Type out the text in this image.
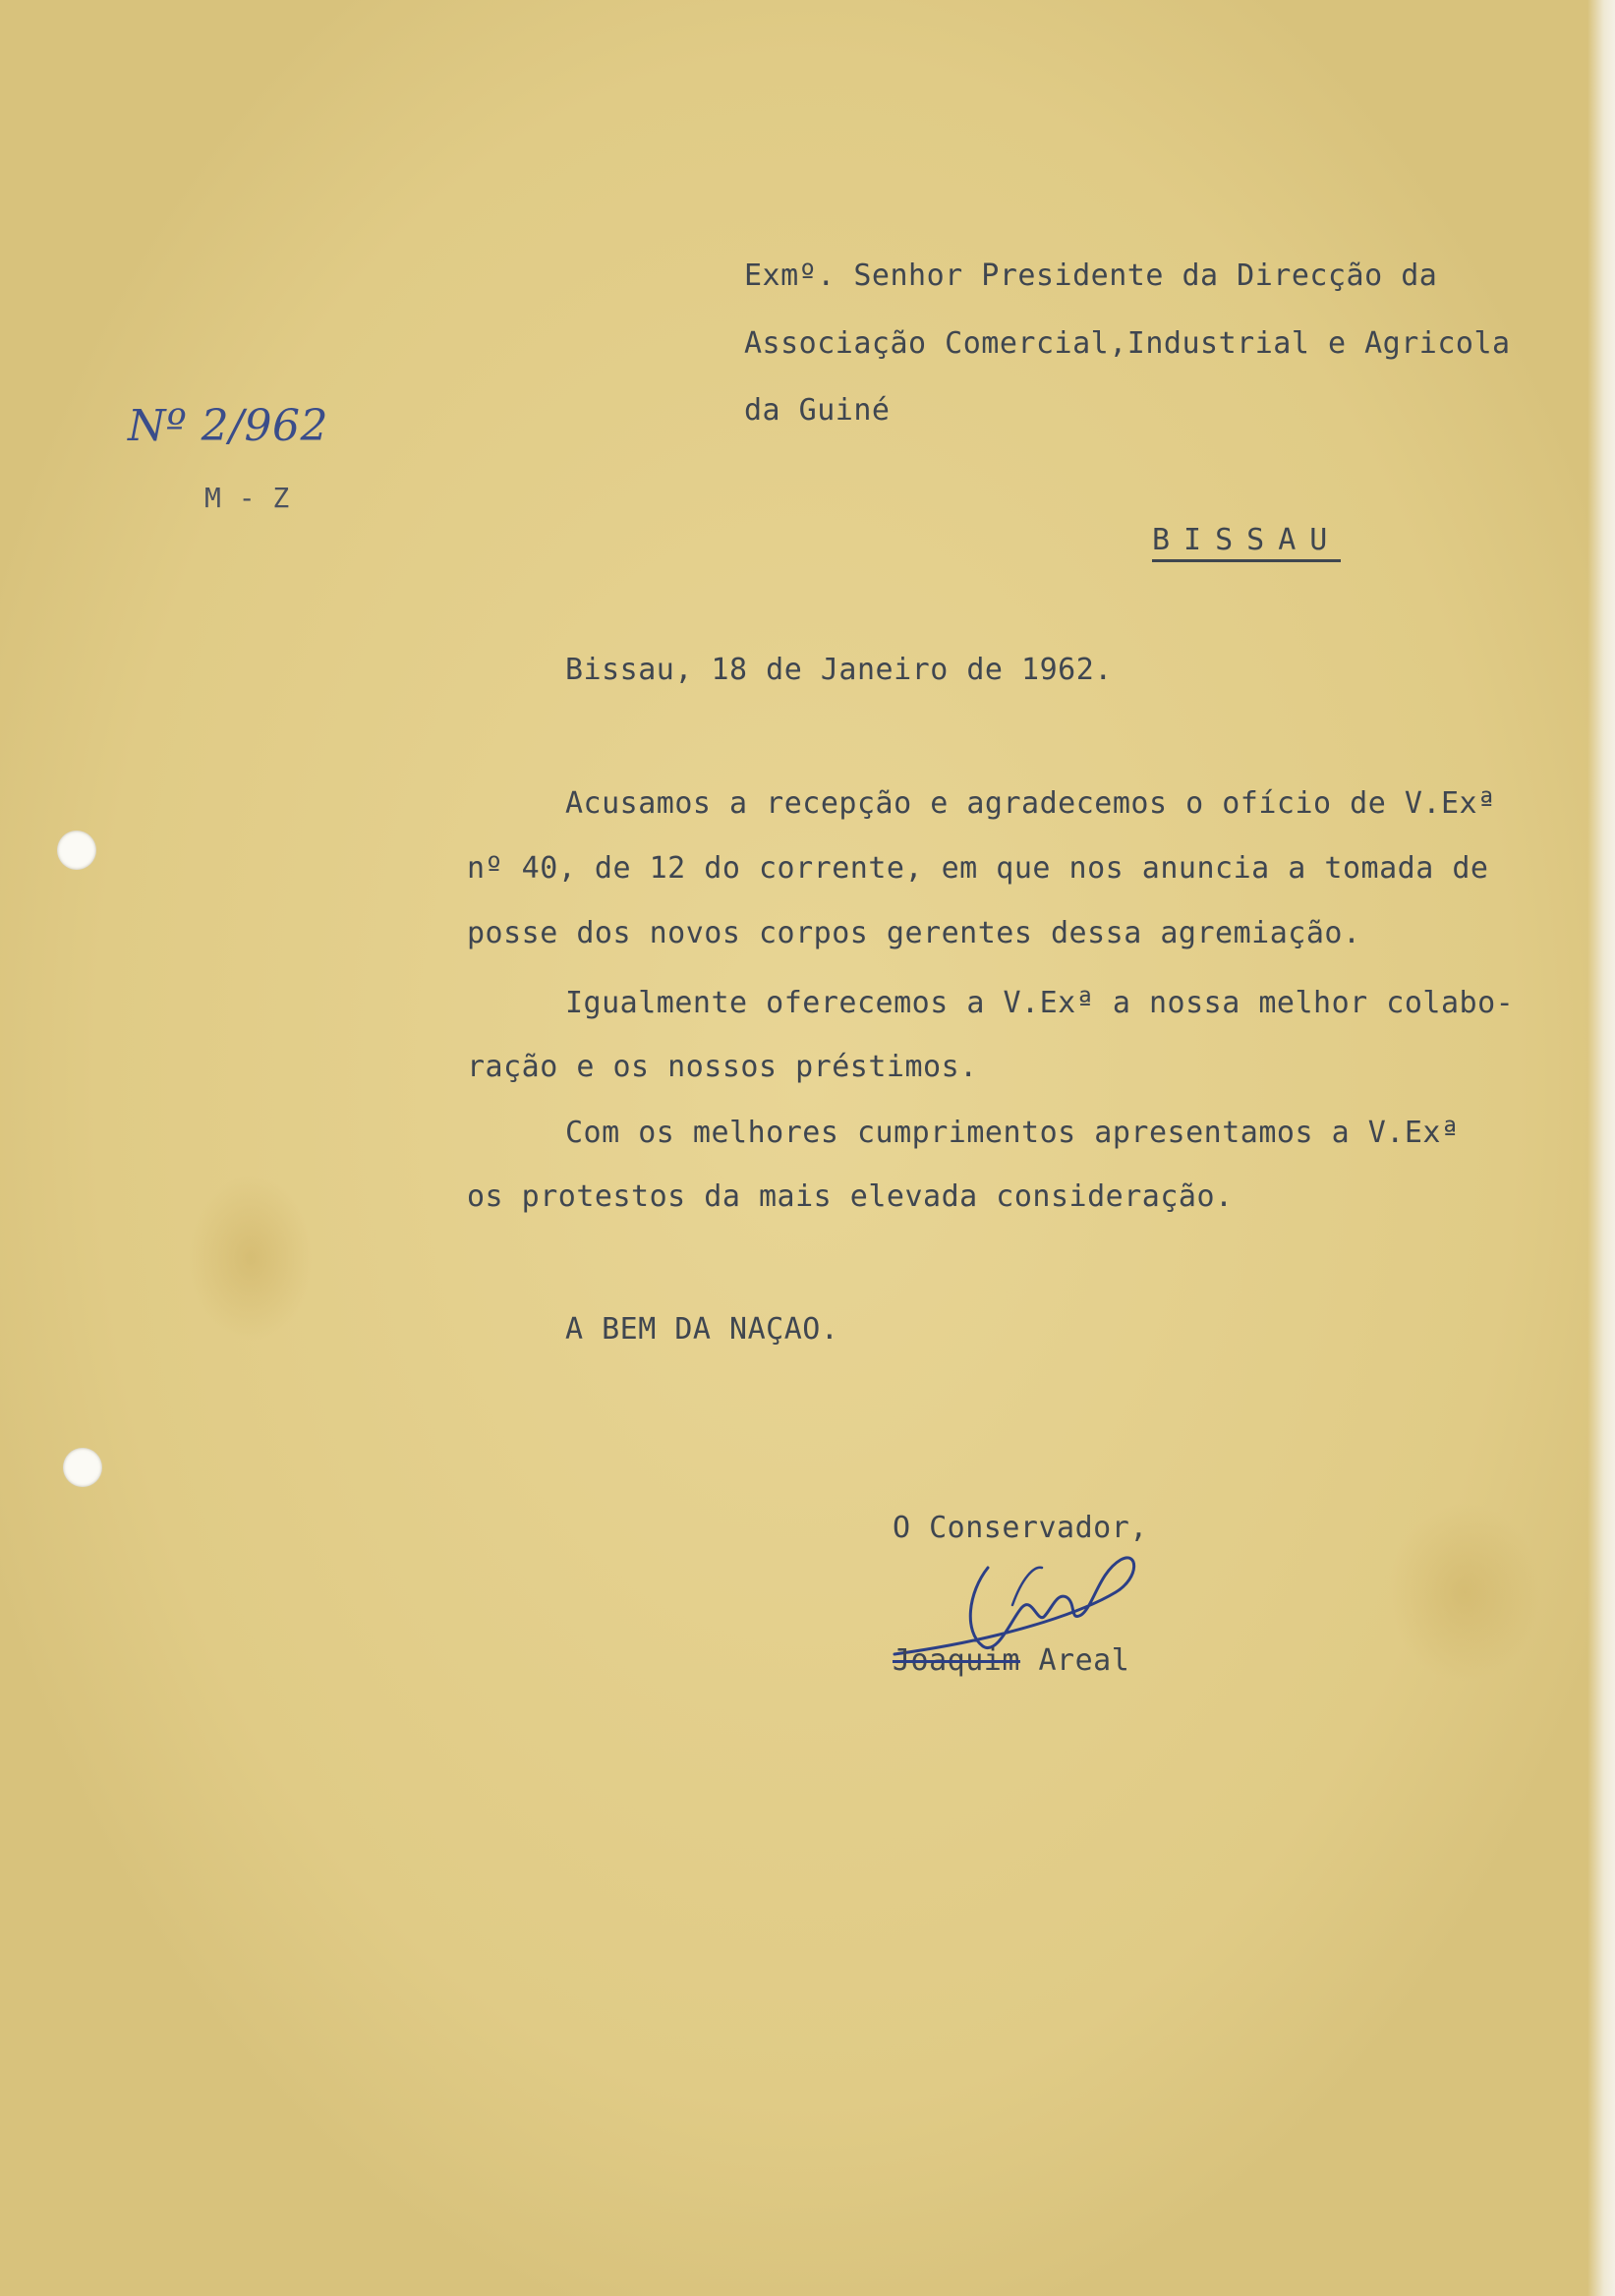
Nº 2/962
M - Z
Exmº. Senhor Presidente da Direcção da
Associação Comercial,Industrial e Agricola
da Guiné
BISSAU
Bissau, 18 de Janeiro de 1962.
Acusamos a recepção e agradecemos o ofício de V.Exª
nº 40, de 12 do corrente, em que nos anuncia a tomada de
posse dos novos corpos gerentes dessa agremiação.
Igualmente oferecemos a V.Exª a nossa melhor colabo-
ração e os nossos préstimos.
Com os melhores cumprimentos apresentamos a V.Exª
os protestos da mais elevada consideração.
A BEM DA NAÇAO.
O Conservador,
Joaquim Areal
